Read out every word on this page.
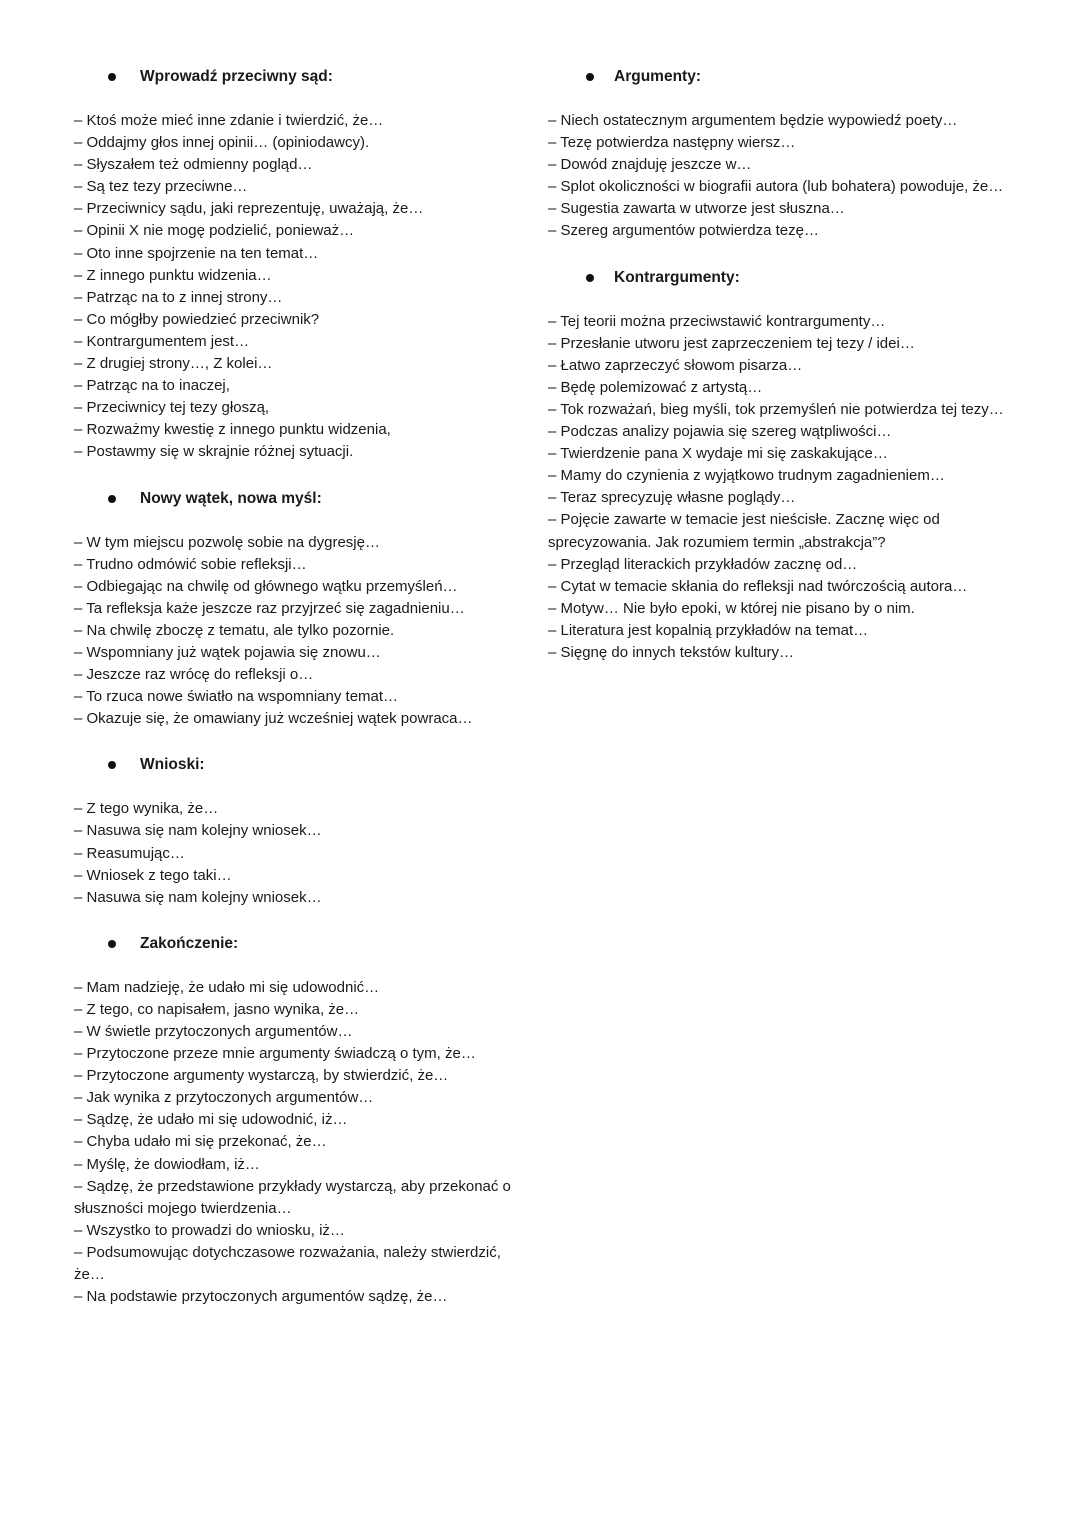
Wprowadź przeciwny sąd:
– Ktoś może mieć inne zdanie i twierdzić, że…
– Oddajmy głos innej opinii… (opiniodawcy).
– Słyszałem też odmienny pogląd…
– Są tez tezy przeciwne…
– Przeciwnicy sądu, jaki reprezentuję, uważają, że…
– Opinii X nie mogę podzielić, ponieważ…
– Oto inne spojrzenie na ten temat…
– Z innego punktu widzenia…
– Patrząc na to z innej strony…
– Co mógłby powiedzieć przeciwnik?
– Kontrargumentem jest…
– Z drugiej strony…, Z kolei…
– Patrząc na to inaczej,
– Przeciwnicy tej tezy głoszą,
– Rozważmy kwestię z innego punktu widzenia,
– Postawmy się w skrajnie różnej sytuacji.
Nowy wątek, nowa myśl:
– W tym miejscu pozwolę sobie na dygresję…
– Trudno odmówić sobie refleksji…
– Odbiegając na chwilę od głównego wątku przemyśleń…
– Ta refleksja każe jeszcze raz przyjrzeć się zagadnieniu…
– Na chwilę zboczę z tematu, ale tylko pozornie.
– Wspomniany już wątek pojawia się znowu…
– Jeszcze raz wrócę do refleksji o…
– To rzuca nowe światło na wspomniany temat…
– Okazuje się, że omawiany już wcześniej wątek powraca…
Wnioski:
– Z tego wynika, że…
– Nasuwa się nam kolejny wniosek…
– Reasumując…
– Wniosek z tego taki…
– Nasuwa się nam kolejny wniosek…
Zakończenie:
– Mam nadzieję, że udało mi się udowodnić…
– Z tego, co napisałem, jasno wynika, że…
– W świetle przytoczonych argumentów…
– Przytoczone przeze mnie argumenty świadczą o tym, że…
– Przytoczone argumenty wystarczą, by stwierdzić, że…
– Jak wynika z przytoczonych argumentów…
– Sądzę, że udało mi się udowodnić, iż…
– Chyba udało mi się przekonać, że…
– Myślę, że dowiodłam, iż…
– Sądzę, że przedstawione przykłady wystarczą, aby przekonać o słuszności mojego twierdzenia…
– Wszystko to prowadzi do wniosku, iż…
– Podsumowując dotychczasowe rozważania, należy stwierdzić, że…
– Na podstawie przytoczonych argumentów sądzę, że…
Argumenty:
– Niech ostatecznym argumentem będzie wypowiedź poety…
– Tezę potwierdza następny wiersz…
– Dowód znajduję jeszcze w…
– Splot okoliczności w biografii autora (lub bohatera) powoduje, że…
– Sugestia zawarta w utworze jest słuszna…
– Szereg argumentów potwierdza tezę…
Kontrargumenty:
– Tej teorii można przeciwstawić kontrargumenty…
– Przesłanie utworu jest zaprzeczeniem tej tezy / idei…
– Łatwo zaprzeczyć słowom pisarza…
– Będę polemizować z artystą…
– Tok rozważań, bieg myśli, tok przemyśleń nie potwierdza tej tezy…
– Podczas analizy pojawia się szereg wątpliwości…
– Twierdzenie pana X wydaje mi się zaskakujące…
– Mamy do czynienia z wyjątkowo trudnym zagadnieniem…
– Teraz sprecyzuję własne poglądy…
– Pojęcie zawarte w temacie jest nieścisłe. Zacznę więc od sprecyzowania. Jak rozumiem termin „abstrakcja”?
– Przegląd literackich przykładów zacznę od…
– Cytat w temacie skłania do refleksji nad twórczością autora…
– Motyw… Nie było epoki, w której nie pisano by o nim.
– Literatura jest kopalnią przykładów na temat…
– Sięgnę do innych tekstów kultury…
